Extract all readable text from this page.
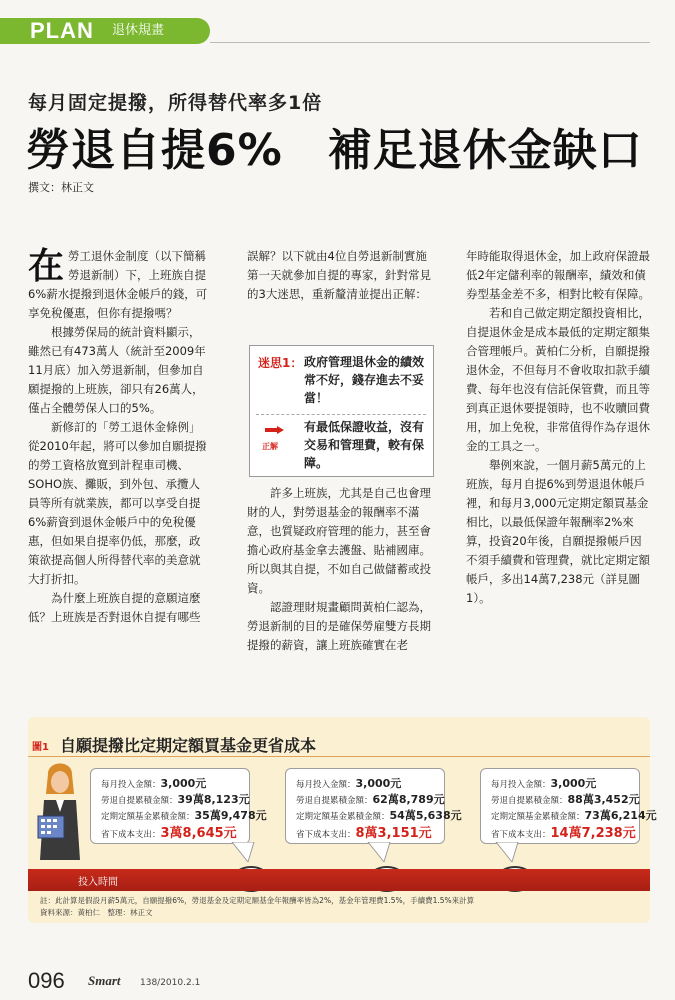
PLAN 退休規畫
每月固定提撥，所得替代率多1倍
勞退自提6%　補足退休金缺口
撰文：林正文

在勞工退休金制度（以下簡稱勞退新制）下，上班族自提6%薪水提撥到退休金帳戶的錢，可享免稅優惠，但你有提撥嗎？

根據勞保局的統計資料顯示，雖然已有473萬人（統計至2009年11月底）加入勞退新制，但參加自願提撥的上班族，卻只有26萬人，僅占全體勞保人口的5%。

新修訂的「勞工退休金條例」從2010年起，將可以參加自願提撥的勞工資格放寬到計程車司機、SOHO族、攤販，到外包、承攬人員等所有就業族，都可以享受自提6%薪資到退休金帳戶中的免稅優惠，但如果自提率仍低，那麼，政策欲提高個人所得替代率的美意就大打折扣。

為什麼上班族自提的意願這麼低？上班族是否對退休自提有哪些

誤解？以下就由4位自勞退新制實施第一天就參加自提的專家，針對常見的3大迷思，重新釐清並提出正解：
迷思1： 政府管理退休金的績效常不好，錢存進去不妥當！
正解
有最低保證收益，沒有交易和管理費，較有保障。

許多上班族，尤其是自己也會理財的人，對勞退基金的報酬率不滿意，也質疑政府管理的能力，甚至會擔心政府基金拿去護盤、貼補國庫。所以與其自提，不如自己做儲蓄或投資。

認證理財規畫顧問黃柏仁認為，勞退新制的目的是確保勞雇雙方長期提撥的薪資，讓上班族確實在老

年時能取得退休金，加上政府保證最低2年定儲利率的報酬率，績效和債券型基金差不多，相對比較有保障。

若和自己做定期定額投資相比，自提退休金是成本最低的定期定額集合管理帳戶。黃柏仁分析，自願提撥退休金，不但每月不會收取扣款手續費、每年也沒有信託保管費，而且等到真正退休要提領時，也不收贖回費用，加上免稅，非常值得作為存退休金的工具之一。

舉例來說，一個月薪5萬元的上班族，每月自提6%到勞退退休帳戶裡，和每月3,000元定期定額買基金相比，以最低保證年報酬率2%來算，投資20年後，自願提撥帳戶因不須手續費和管理費，就比定期定額帳戶，多出14萬7,238元（詳見圖1）。

圖1 自願提撥比定期定額買基金更省成本
每月投入金額：3,000元
勞退自提累積金額：39萬8,123元
定期定額基金累積金額：35萬9,478元
省下成本支出：3萬8,645元
每月投入金額：3,000元
勞退自提累積金額：62萬8,789元
定期定額基金累積金額：54萬5,638元
省下成本支出：8萬3,151元
每月投入金額：3,000元
勞退自提累積金額：88萬3,452元
定期定額基金累積金額：73萬6,214元
省下成本支出：14萬7,238元
投入時間
註：此計算是假設月薪5萬元，自願提撥6%，勞退基金及定期定額基金年報酬率皆為2%，基金年管理費1.5%，手續費1.5%來計算
資料來源：黃柏仁　整理：林正文
096 Smart 138/2010.2.1
